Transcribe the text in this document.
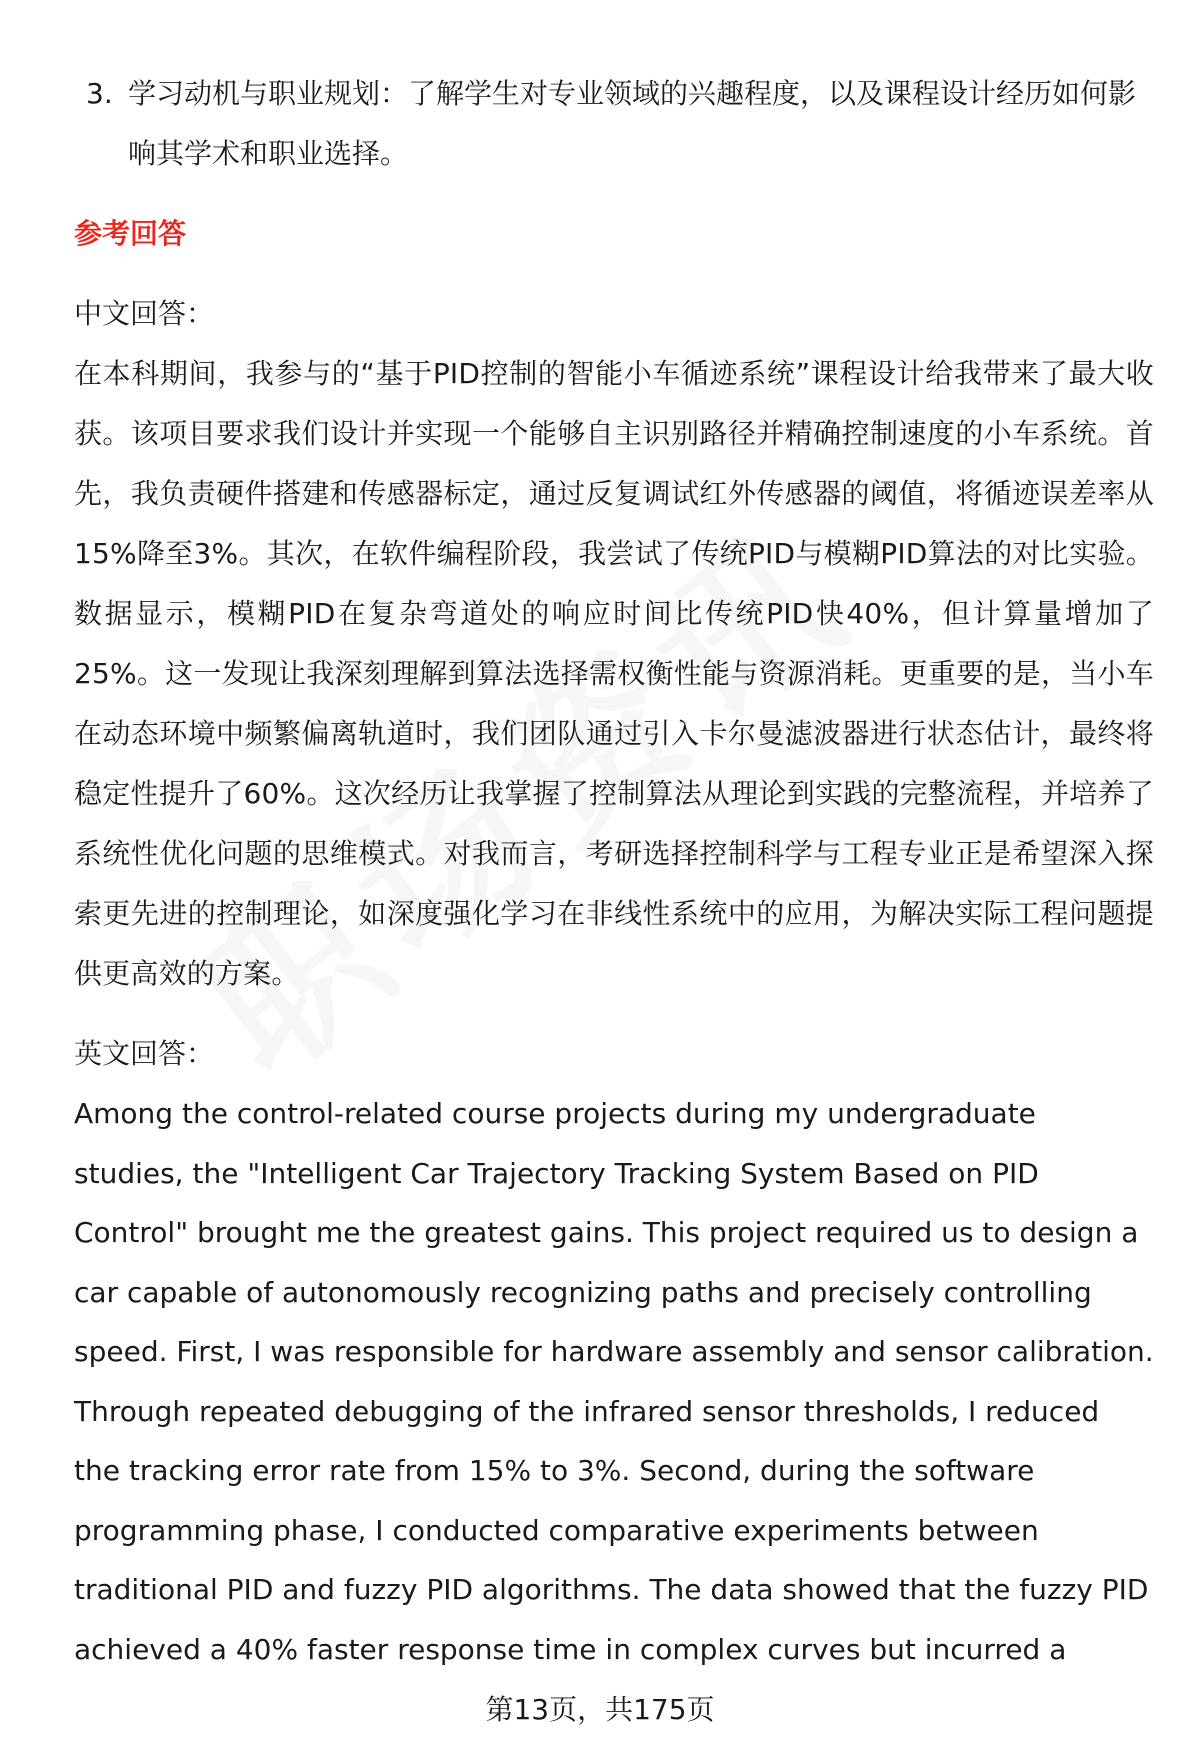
3. 学习动机与职业规划：了解学生对专业领域的兴趣程度，以及课程设计经历如何影响其学术和职业选择。
参考回答
中文回答：
在本科期间，我参与的“基于PID控制的智能小车循迹系统”课程设计给我带来了最大收获。该项目要求我们设计并实现一个能够自主识别路径并精确控制速度的小车系统。首先，我负责硬件搭建和传感器标定，通过反复调试红外传感器的阈值，将循迹误差率从15%降至3%。其次，在软件编程阶段，我尝试了传统PID与模糊PID算法的对比实验。数据显示，模糊PID在复杂弯道处的响应时间比传统PID快40%，但计算量增加了25%。这一发现让我深刻理解到算法选择需权衡性能与资源消耗。更重要的是，当小车在动态环境中频繁偏离轨道时，我们团队通过引入卡尔曼滤波器进行状态估计，最终将稳定性提升了60%。这次经历让我掌握了控制算法从理论到实践的完整流程，并培养了系统性优化问题的思维模式。对我而言，考研选择控制科学与工程专业正是希望深入探索更先进的控制理论，如深度强化学习在非线性系统中的应用，为解决实际工程问题提供更高效的方案。
英文回答：
Among the control-related course projects during my undergraduate studies, the "Intelligent Car Trajectory Tracking System Based on PID Control" brought me the greatest gains. This project required us to design a car capable of autonomously recognizing paths and precisely controlling speed. First, I was responsible for hardware assembly and sensor calibration. Through repeated debugging of the infrared sensor thresholds, I reduced the tracking error rate from 15% to 3%. Second, during the software programming phase, I conducted comparative experiments between traditional PID and fuzzy PID algorithms. The data showed that the fuzzy PID achieved a 40% faster response time in complex curves but incurred a
第13页，共175页
